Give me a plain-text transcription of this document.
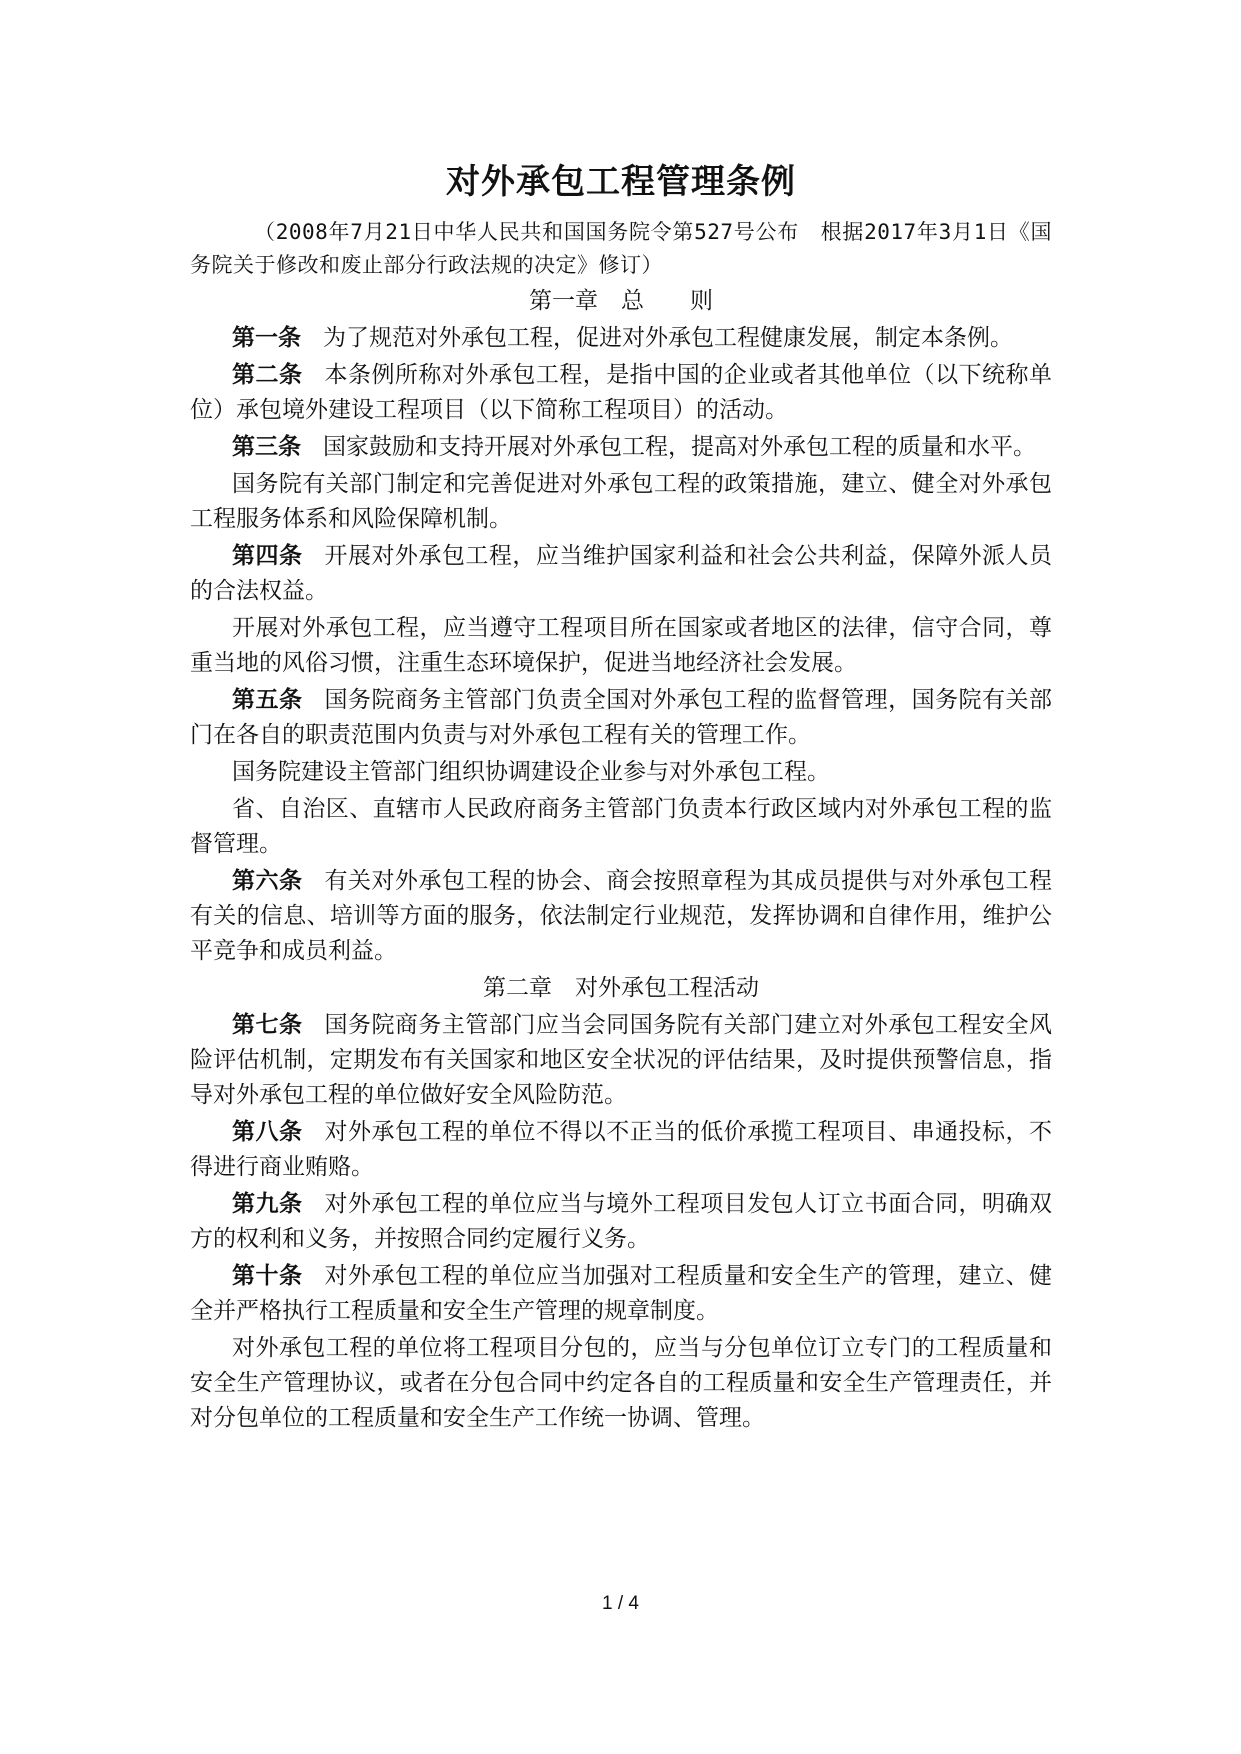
对外承包工程管理条例

（2008年7月21日中华人民共和国国务院令第527号公布　根据2017年3月1日《国务院关于修改和废止部分行政法规的决定》修订）

第一章　总　　则

第一条 为了规范对外承包工程，促进对外承包工程健康发展，制定本条例。

第二条 本条例所称对外承包工程，是指中国的企业或者其他单位（以下统称单位）承包境外建设工程项目（以下简称工程项目）的活动。

第三条 国家鼓励和支持开展对外承包工程，提高对外承包工程的质量和水平。

国务院有关部门制定和完善促进对外承包工程的政策措施，建立、健全对外承包工程服务体系和风险保障机制。

第四条 开展对外承包工程，应当维护国家利益和社会公共利益，保障外派人员的合法权益。

开展对外承包工程，应当遵守工程项目所在国家或者地区的法律，信守合同，尊重当地的风俗习惯，注重生态环境保护，促进当地经济社会发展。

第五条 国务院商务主管部门负责全国对外承包工程的监督管理，国务院有关部门在各自的职责范围内负责与对外承包工程有关的管理工作。

国务院建设主管部门组织协调建设企业参与对外承包工程。

省、自治区、直辖市人民政府商务主管部门负责本行政区域内对外承包工程的监督管理。

第六条 有关对外承包工程的协会、商会按照章程为其成员提供与对外承包工程有关的信息、培训等方面的服务，依法制定行业规范，发挥协调和自律作用，维护公平竞争和成员利益。

第二章　对外承包工程活动

第七条 国务院商务主管部门应当会同国务院有关部门建立对外承包工程安全风险评估机制，定期发布有关国家和地区安全状况的评估结果，及时提供预警信息，指导对外承包工程的单位做好安全风险防范。

第八条 对外承包工程的单位不得以不正当的低价承揽工程项目、串通投标，不得进行商业贿赂。

第九条 对外承包工程的单位应当与境外工程项目发包人订立书面合同，明确双方的权利和义务，并按照合同约定履行义务。

第十条 对外承包工程的单位应当加强对工程质量和安全生产的管理，建立、健全并严格执行工程质量和安全生产管理的规章制度。

对外承包工程的单位将工程项目分包的，应当与分包单位订立专门的工程质量和安全生产管理协议，或者在分包合同中约定各自的工程质量和安全生产管理责任，并对分包单位的工程质量和安全生产工作统一协调、管理。

1 / 4
